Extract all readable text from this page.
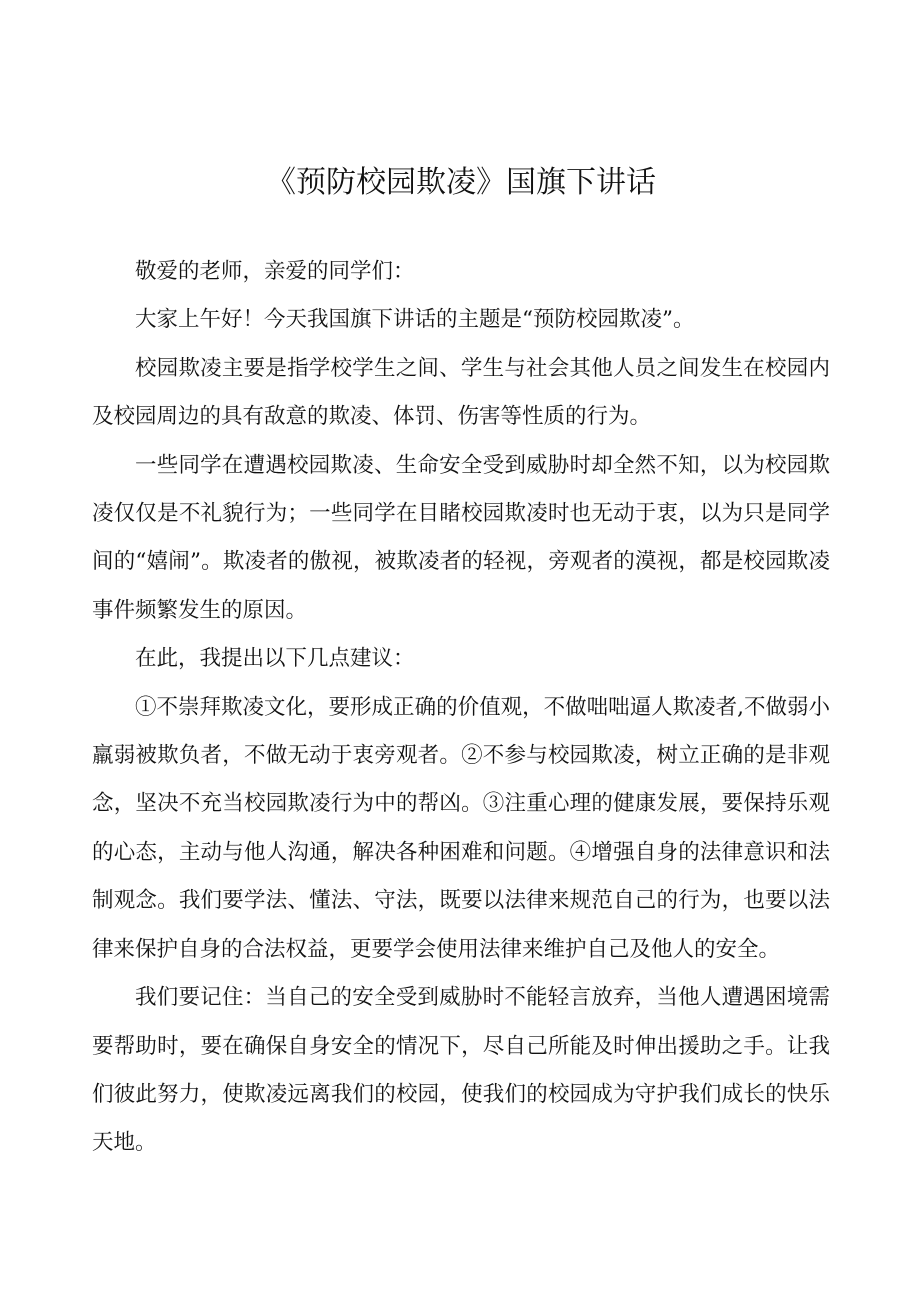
《预防校园欺凌》国旗下讲话

敬爱的老师，亲爱的同学们：

大家上午好！今天我国旗下讲话的主题是“预防校园欺凌”。

校园欺凌主要是指学校学生之间、学生与社会其他人员之间发生在校园内及校园周边的具有敌意的欺凌、体罚、伤害等性质的行为。

一些同学在遭遇校园欺凌、生命安全受到威胁时却全然不知，以为校园欺凌仅仅是不礼貌行为；一些同学在目睹校园欺凌时也无动于衷，以为只是同学间的“嬉闹”。欺凌者的傲视，被欺凌者的轻视，旁观者的漠视，都是校园欺凌事件频繁发生的原因。

在此，我提出以下几点建议：

①不崇拜欺凌文化，要形成正确的价值观，不做咄咄逼人欺凌者,不做弱小羸弱被欺负者，不做无动于衷旁观者。②不参与校园欺凌，树立正确的是非观念，坚决不充当校园欺凌行为中的帮凶。③注重心理的健康发展，要保持乐观的心态，主动与他人沟通，解决各种困难和问题。④增强自身的法律意识和法制观念。我们要学法、懂法、守法，既要以法律来规范自己的行为，也要以法律来保护自身的合法权益，更要学会使用法律来维护自己及他人的安全。

我们要记住：当自己的安全受到威胁时不能轻言放弃，当他人遭遇困境需要帮助时，要在确保自身安全的情况下，尽自己所能及时伸出援助之手。让我们彼此努力，使欺凌远离我们的校园，使我们的校园成为守护我们成长的快乐天地。
